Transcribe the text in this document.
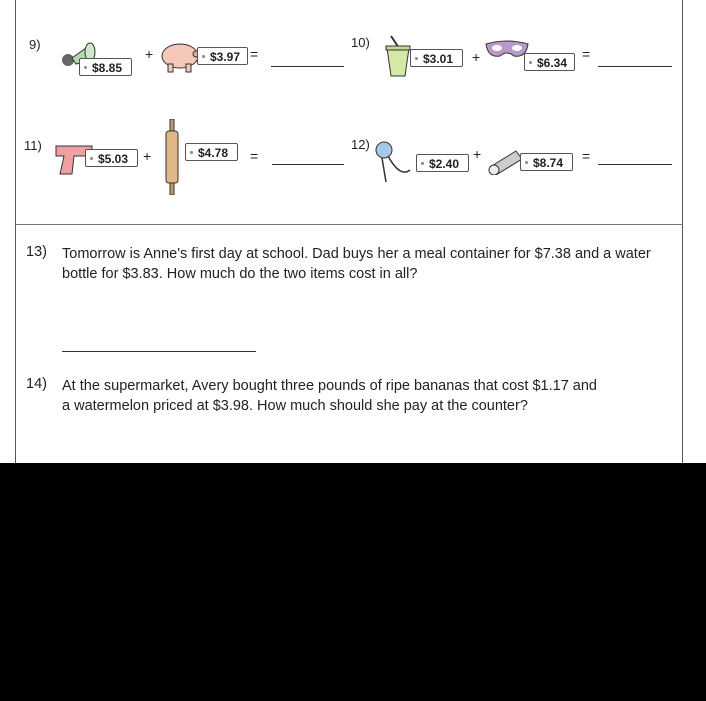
9)
$8.85
+	$3.97 =
10)
$3.01	+	$6.34
=
11)
$5.03	+	$4.78	=
12)
$2.40
+
$8.74	=
13) Tomorrow is Anne's first day at school. Dad buys her a meal container for $7.38 and a water
bottle for $3.83. How much do the two items cost in all?
14) At the supermarket, Avery bought three pounds of ripe bananas that cost $1.17 and
a watermelon priced at $3.98. How much should she pay at the counter?
